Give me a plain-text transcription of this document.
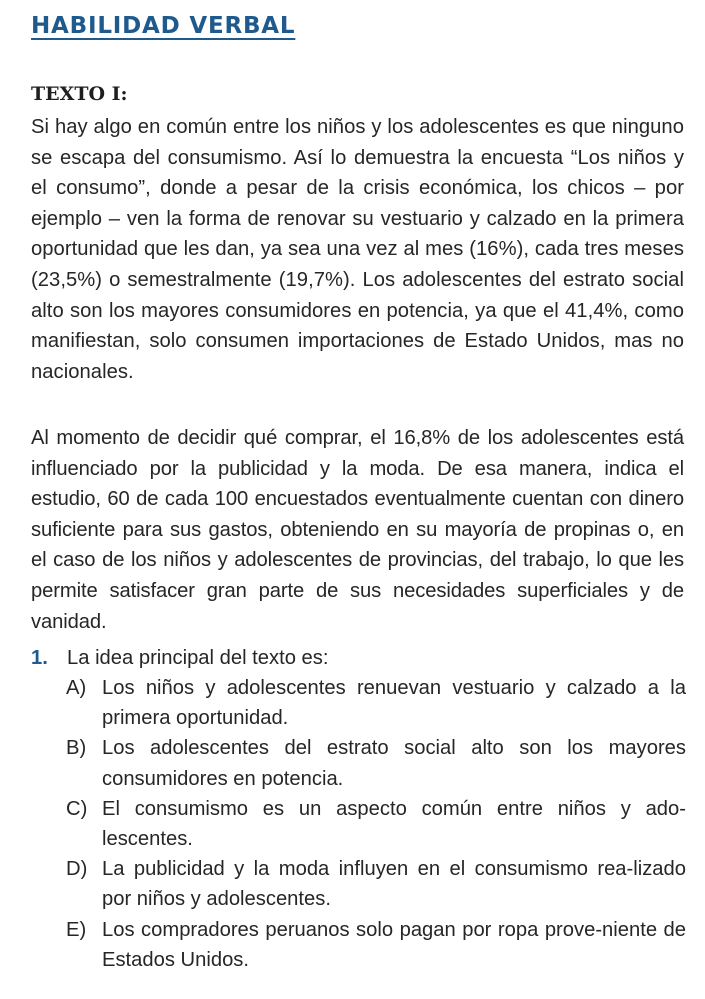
HABILIDAD VERBAL
TEXTO I:

Si hay algo en común entre los niños y los adolescentes es que ninguno se escapa del consumismo. Así lo demuestra la encuesta “Los niños y el consumo”, donde a pesar de la crisis económica, los chicos – por ejemplo – ven la forma de renovar su vestuario y calzado en la primera oportunidad que les dan, ya sea una vez al mes (16%), cada tres meses (23,5%) o semestralmente (19,7%). Los adolescentes del estrato social alto son los mayores consumidores en potencia, ya que el 41,4%, como manifiestan, solo consumen importaciones de Estado Unidos, mas no nacionales.

Al momento de decidir qué comprar, el 16,8% de los adolescentes está influenciado por la publicidad y la moda. De esa manera, indica el estudio, 60 de cada 100 encuestados eventualmente cuentan con dinero suficiente para sus gastos, obteniendo en su mayoría de propinas o, en el caso de los niños y adolescentes de provincias, del trabajo, lo que les permite satisfacer gran parte de sus necesidades superficiales y de vanidad.

1. La idea principal del texto es:

A) Los niños y adolescentes renuevan vestuario y calzado a la primera oportunidad.
B) Los adolescentes del estrato social alto son los mayores consumidores en potencia.
C) El consumismo es un aspecto común entre niños y ado-lescentes.
D) La publicidad y la moda influyen en el consumismo rea-lizado por niños y adolescentes.
E) Los compradores peruanos solo pagan por ropa prove-niente de Estados Unidos.
